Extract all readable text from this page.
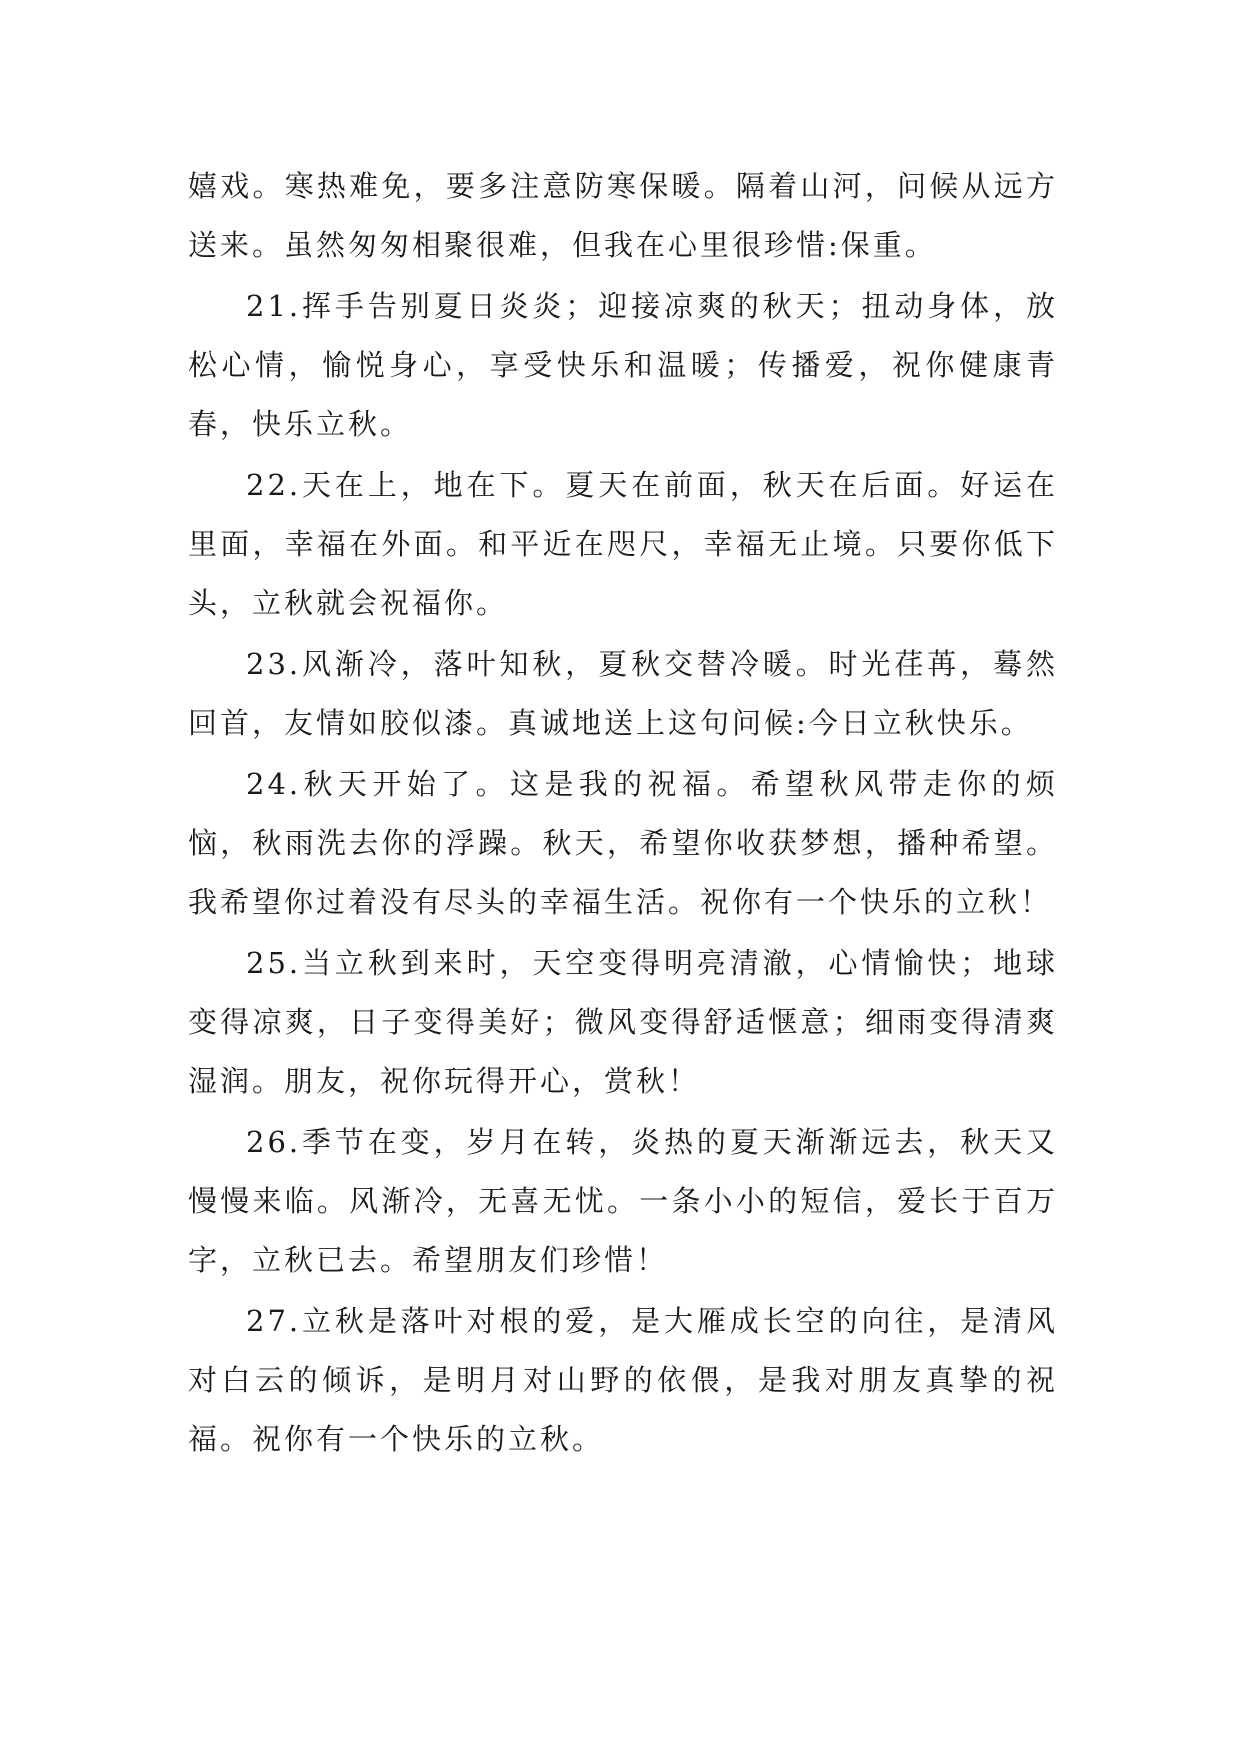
嬉戏。寒热难免，要多注意防寒保暖。隔着山河，问候从远方送来。虽然匆匆相聚很难，但我在心里很珍惜:保重。

21.挥手告别夏日炎炎；迎接凉爽的秋天；扭动身体，放松心情，愉悦身心，享受快乐和温暖；传播爱，祝你健康青春，快乐立秋。

22.天在上，地在下。夏天在前面，秋天在后面。好运在里面，幸福在外面。和平近在咫尺，幸福无止境。只要你低下头，立秋就会祝福你。

23.风渐冷，落叶知秋，夏秋交替冷暖。时光荏苒，蓦然回首，友情如胶似漆。真诚地送上这句问候:今日立秋快乐。

24.秋天开始了。这是我的祝福。希望秋风带走你的烦恼，秋雨洗去你的浮躁。秋天，希望你收获梦想，播种希望。我希望你过着没有尽头的幸福生活。祝你有一个快乐的立秋！

25.当立秋到来时，天空变得明亮清澈，心情愉快；地球变得凉爽，日子变得美好；微风变得舒适惬意；细雨变得清爽湿润。朋友，祝你玩得开心，赏秋！

26.季节在变，岁月在转，炎热的夏天渐渐远去，秋天又慢慢来临。风渐冷，无喜无忧。一条小小的短信，爱长于百万字，立秋已去。希望朋友们珍惜！

27.立秋是落叶对根的爱，是大雁成长空的向往，是清风对白云的倾诉，是明月对山野的依偎，是我对朋友真挚的祝福。祝你有一个快乐的立秋。
